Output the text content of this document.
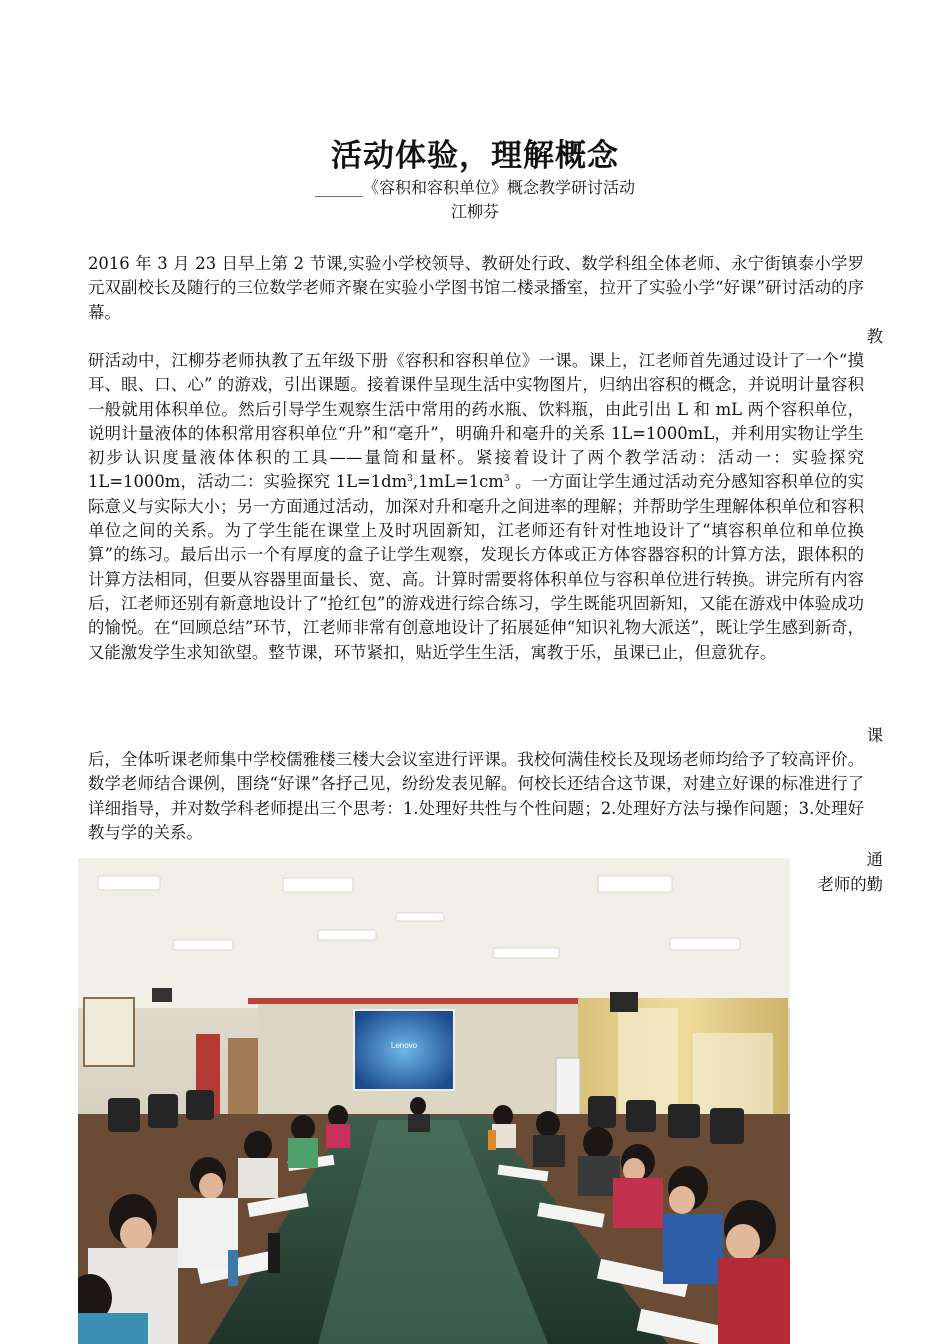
活动体验，理解概念
______《容积和容积单位》概念教学研讨活动
江柳芬

2016 年 3 月 23 日早上第 2 节课,实验小学校领导、教研处行政、数学科组全体老师、永宁街镇泰小学罗元双副校长及随行的三位数学老师齐聚在实验小学图书馆二楼录播室，拉开了实验小学“好课”研讨活动的序幕。

教

研活动中，江柳芬老师执教了五年级下册《容积和容积单位》一课。课上，江老师首先通过设计了一个“摸耳、眼、口、心” 的游戏，引出课题。接着课件呈现生活中实物图片，归纳出容积的概念，并说明计量容积一般就用体积单位。然后引导学生观察生活中常用的药水瓶、饮料瓶，由此引出 L 和 mL 两个容积单位，说明计量液体的体积常用容积单位“升”和“毫升”，明确升和毫升的关系 1L=1000mL，并利用实物让学生初步认识度量液体体积的工具——量筒和量杯。紧接着设计了两个教学活动：活动一：实验探究 1L=1000m，活动二：实验探究 $1L=1dm^3,1mL=1cm^3$ 。一方面让学生通过活动充分感知容积单位的实际意义与实际大小；另一方面通过活动，加深对升和毫升之间进率的理解；并帮助学生理解体积单位和容积单位之间的关系。为了学生能在课堂上及时巩固新知，江老师还有针对性地设计了“填容积单位和单位换算”的练习。最后出示一个有厚度的盒子让学生观察，发现长方体或正方体容器容积的计算方法，跟体积的计算方法相同，但要从容器里面量长、宽、高。计算时需要将体积单位与容积单位进行转换。讲完所有内容后，江老师还别有新意地设计了“抢红包”的游戏进行综合练习，学生既能巩固新知，又能在游戏中体验成功的愉悦。在“回顾总结”环节，江老师非常有创意地设计了拓展延伸“知识礼物大派送”，既让学生感到新奇，又能激发学生求知欲望。整节课，环节紧扣，贴近学生生活，寓教于乐，虽课已止，但意犹存。

课

后，全体听课老师集中学校儒雅楼三楼大会议室进行评课。我校何满佳校长及现场老师均给予了较高评价。数学老师结合课例，围绕“好课”各抒己见，纷纷发表见解。何校长还结合这节课，对建立好课的标准进行了详细指导，并对数学科老师提出三个思考：1.处理好共性与个性问题；2.处理好方法与操作问题；3.处理好教与学的关系。

通
老师的勤
Lenovo
